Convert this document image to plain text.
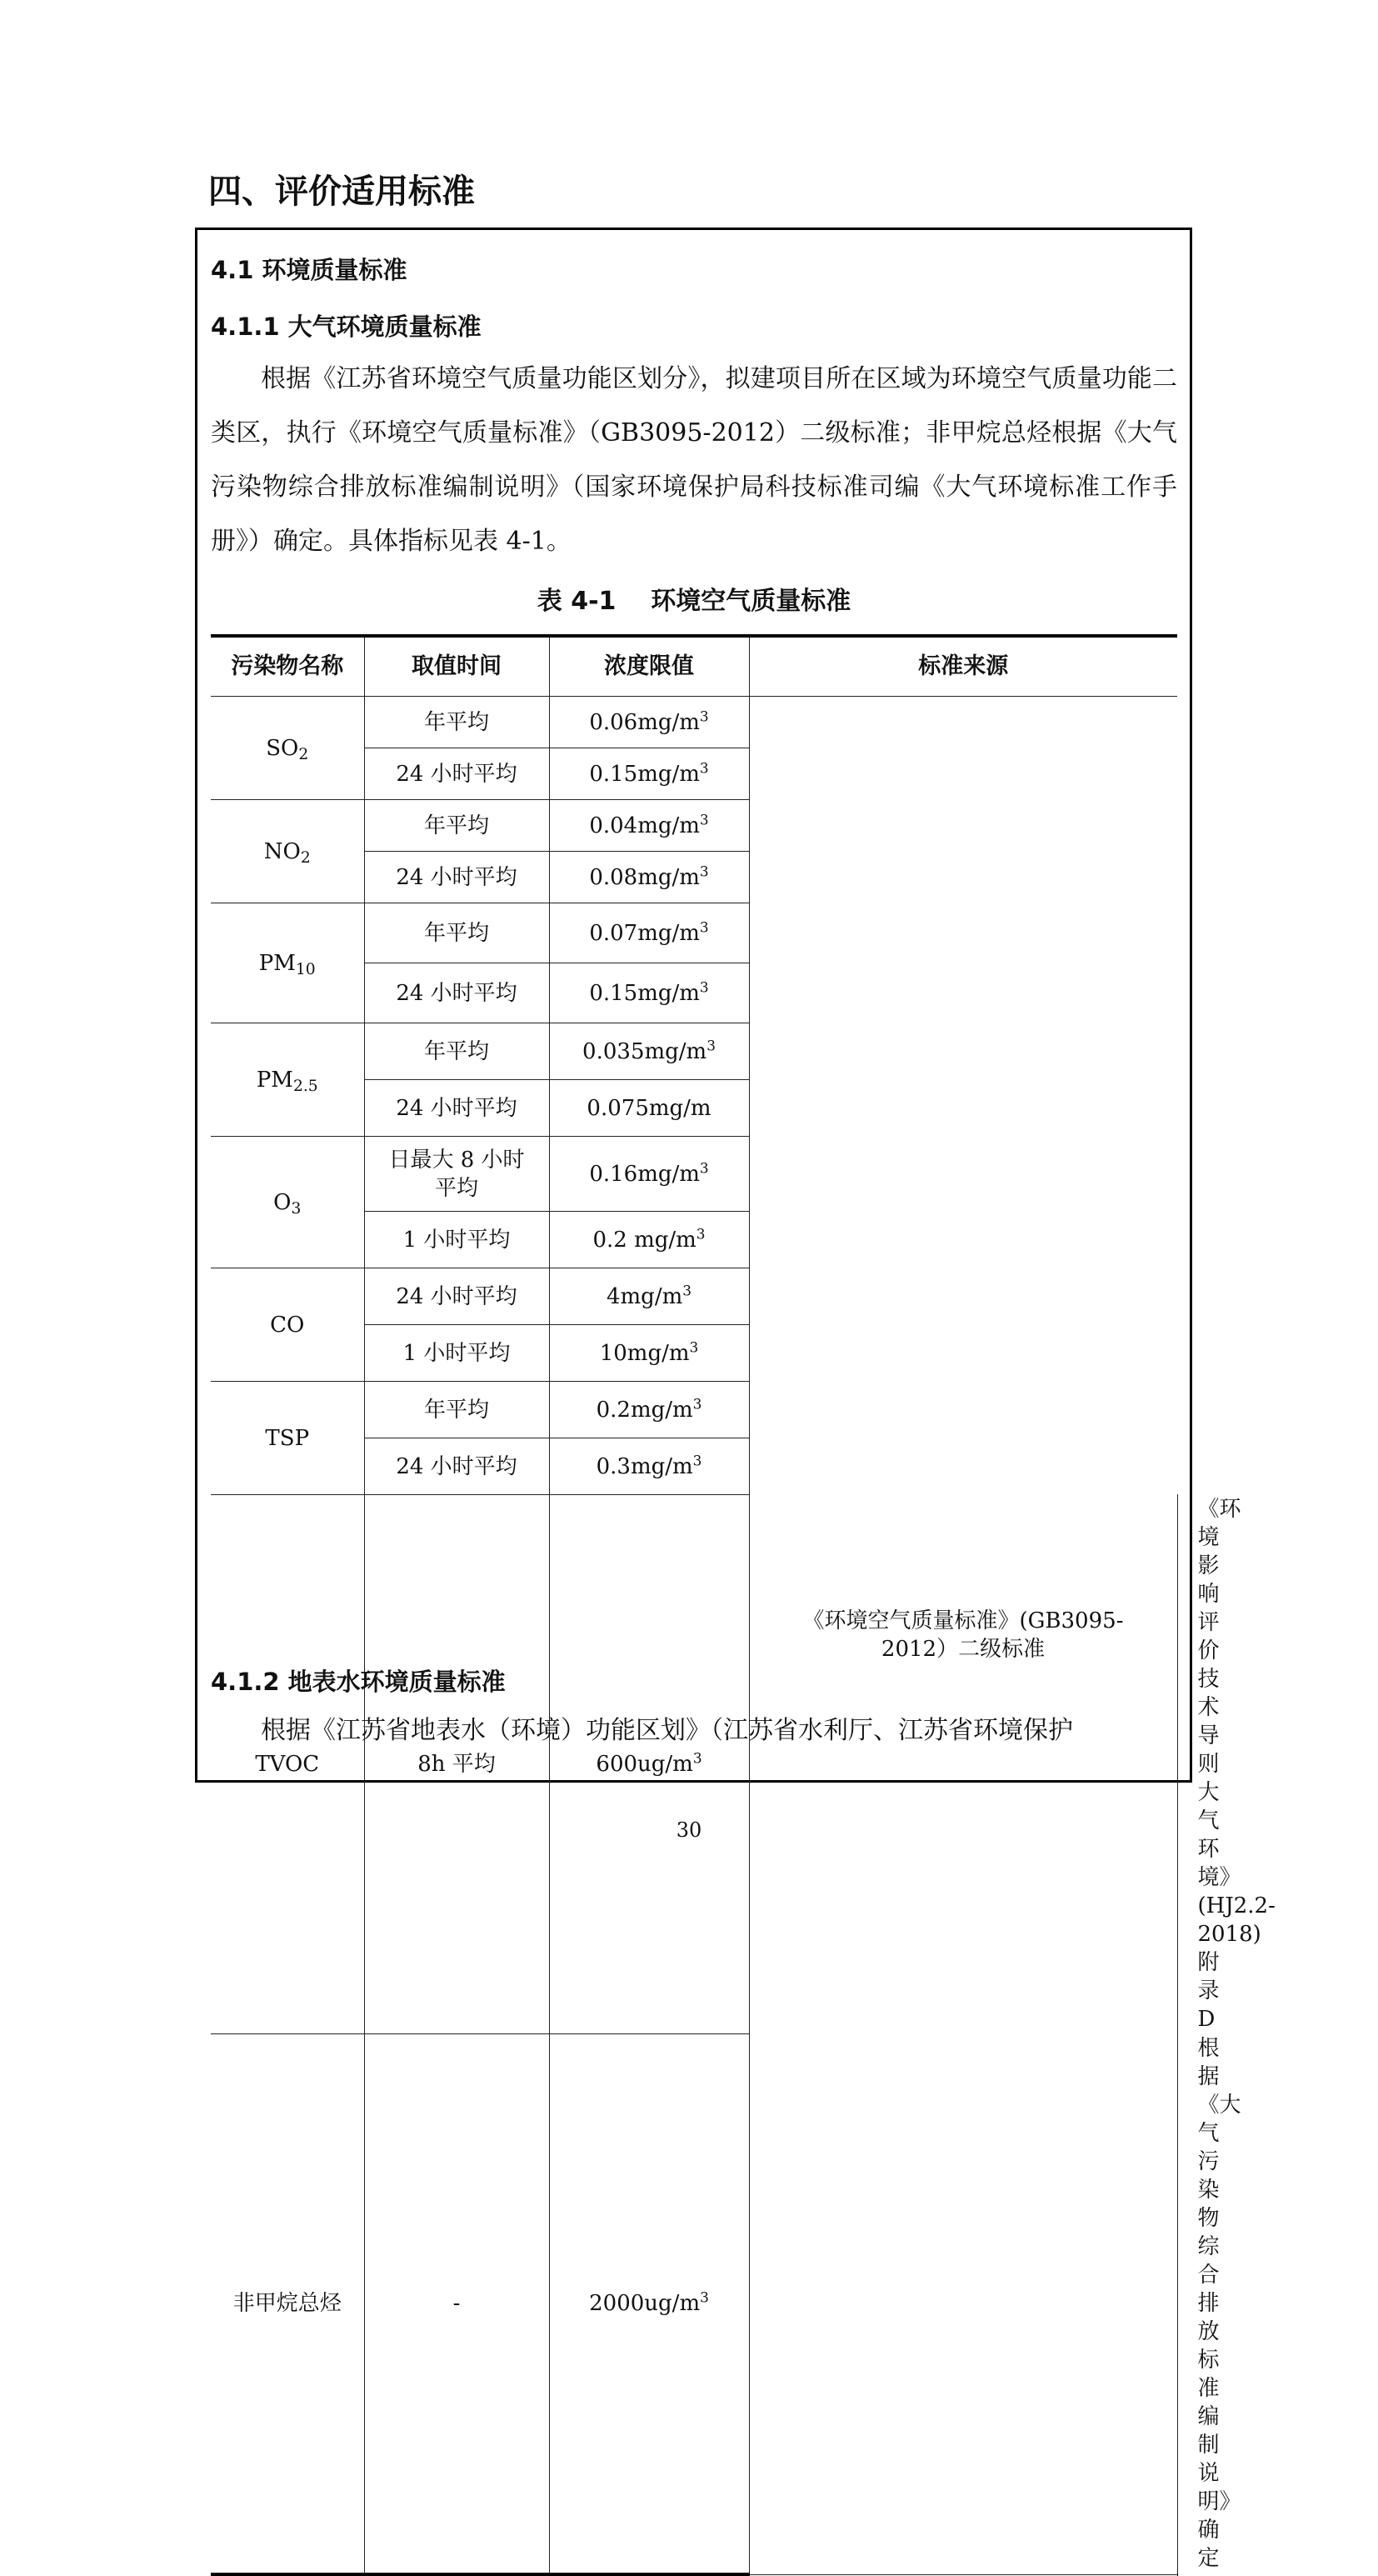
四、评价适用标准
4.1 环境质量标准
4.1.1 大气环境质量标准

根据《江苏省环境空气质量功能区划分》，拟建项目所在区域为环境空气质量功能二类区，执行《环境空气质量标准》（GB3095-2012）二级标准；非甲烷总烃根据《大气污染物综合排放标准编制说明》（国家环境保护局科技标准司编《大气环境标准工作手册》）确定。具体指标见表 4-1。

表 4-1    环境空气质量标准

污染物名称	取值时间	浓度限值	标准来源	
$SO_2$	年平均	$0.06mg/m^3$	《环境空气质量标准》(GB3095-2012）二级标准	
	24 小时平均	$0.15mg/m^3$
$NO_2$	年平均	$0.04mg/m^3$
	24 小时平均	$0.08mg/m^3$
$PM_{10}$	年平均	$0.07mg/m^3$
	24 小时平均	$0.15mg/m^3$
$PM_{2.5}$	年平均	$0.035mg/m^3$
	24 小时平均	0.075mg/m		
$O_3$	日最大 8 小时平均	$0.16mg/m^3$
	1 小时平均	0.2 $mg/m^3$
CO	24 小时平均	$4mg/m^3$
	1 小时平均	$10mg/m^3$
TSP	年平均	$0.2mg/m^3$
	24 小时平均	$0.3mg/m^3$
TVOC	8h 平均	$600ug/m^3$		《环境影响评价技术导则大气环境》(HJ2.2-2018)附录 D
非甲烷总烃	-	$2000ug/m^3$		根据《大气污染物综合排放标准编制说明》确定
4.1.2 地表水环境质量标准

根据《江苏省地表水（环境）功能区划》（江苏省水利厅、江苏省环境保护

30
